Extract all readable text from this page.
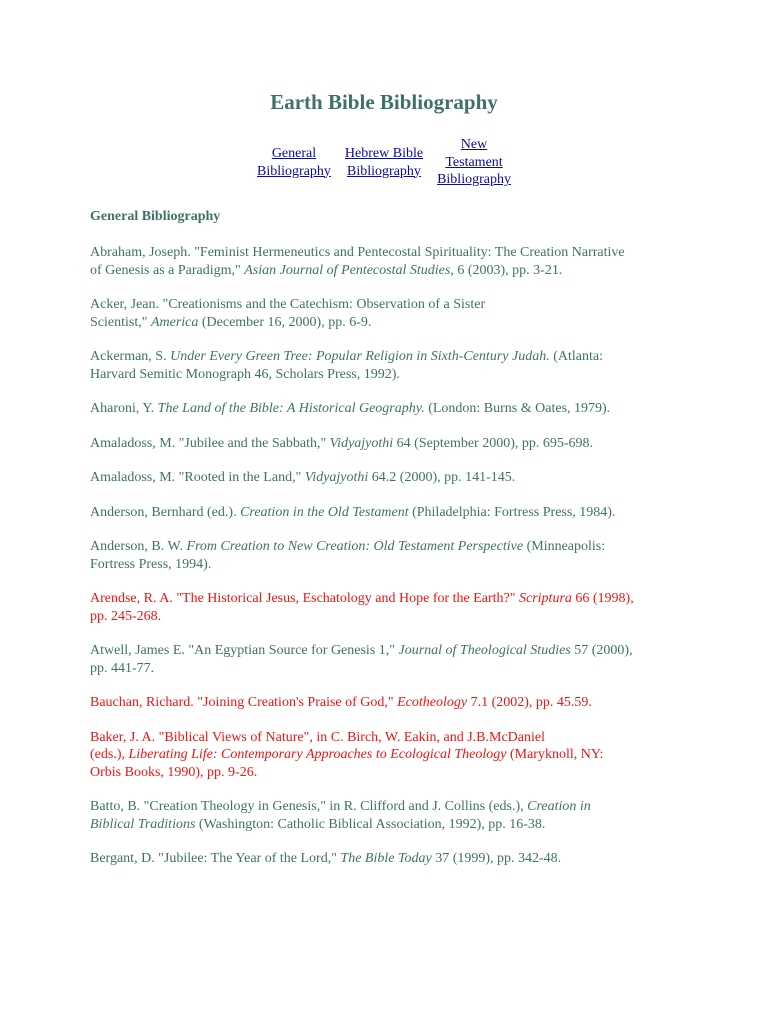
Earth Bible Bibliography
General
Bibliography
Hebrew Bible
Bibliography
New
Testament
Bibliography
General Bibliography

Abraham, Joseph. "Feminist Hermeneutics and Pentecostal Spirituality: The Creation Narrative
of Genesis as a Paradigm," Asian Journal of Pentecostal Studies, 6 (2003), pp. 3-21.

Acker, Jean. "Creationisms and the Catechism: Observation of a Sister
Scientist," America (December 16, 2000), pp. 6-9.

Ackerman, S. Under Every Green Tree: Popular Religion in Sixth-Century Judah. (Atlanta:
Harvard Semitic Monograph 46, Scholars Press, 1992).

Aharoni, Y. The Land of the Bible: A Historical Geography. (London: Burns & Oates, 1979).

Amaladoss, M. "Jubilee and the Sabbath," Vidyajyothi 64 (September 2000), pp. 695-698.

Amaladoss, M. "Rooted in the Land," Vidyajyothi 64.2 (2000), pp. 141-145.

Anderson, Bernhard (ed.). Creation in the Old Testament (Philadelphia: Fortress Press, 1984).

Anderson, B. W. From Creation to New Creation: Old Testament Perspective (Minneapolis:
Fortress Press, 1994).

Arendse, R. A. "The Historical Jesus, Eschatology and Hope for the Earth?" Scriptura 66 (1998),
pp. 245-268.

Atwell, James E. "An Egyptian Source for Genesis 1," Journal of Theological Studies 57 (2000),
pp. 441-77.

Bauchan, Richard. "Joining Creation's Praise of God," Ecotheology 7.1 (2002), pp. 45.59.

Baker, J. A. "Biblical Views of Nature", in C. Birch, W. Eakin, and J.B.McDaniel
(eds.), Liberating Life: Contemporary Approaches to Ecological Theology (Maryknoll, NY:
Orbis Books, 1990), pp. 9-26.

Batto, B. "Creation Theology in Genesis," in R. Clifford and J. Collins (eds.), Creation in
Biblical Traditions (Washington: Catholic Biblical Association, 1992), pp. 16-38.

Bergant, D. "Jubilee: The Year of the Lord," The Bible Today 37 (1999), pp. 342-48.
